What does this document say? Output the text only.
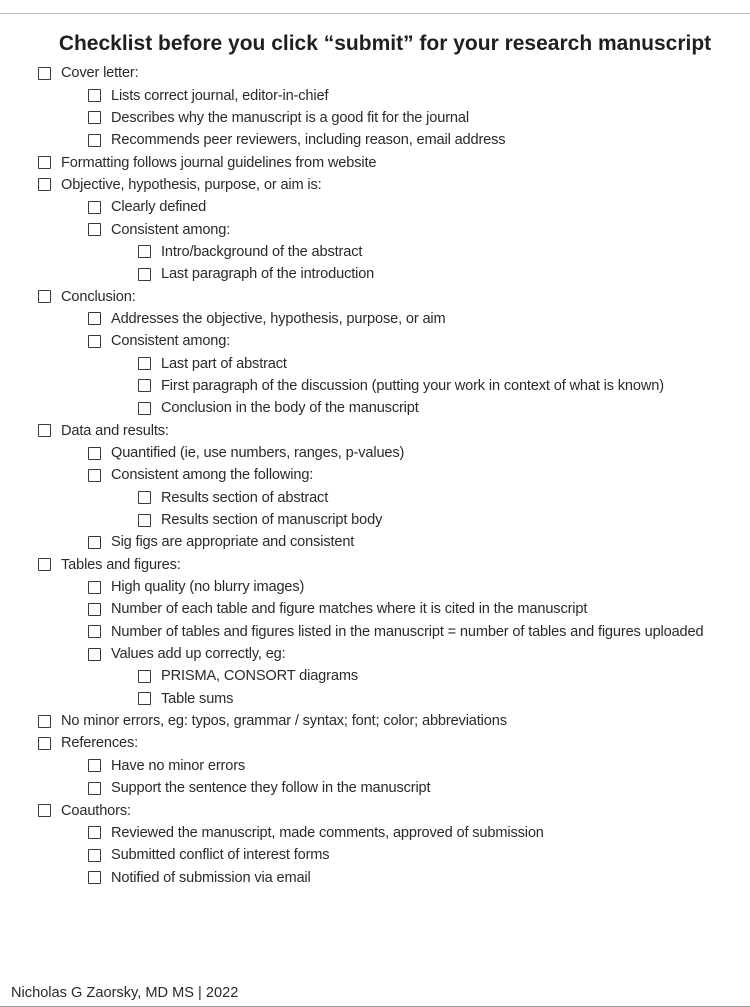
Checklist before you click “submit” for your research manuscript
Cover letter:
Lists correct journal, editor-in-chief
Describes why the manuscript is a good fit for the journal
Recommends peer reviewers, including reason, email address
Formatting follows journal guidelines from website
Objective, hypothesis, purpose, or aim is:
Clearly defined
Consistent among:
Intro/background of the abstract
Last paragraph of the introduction
Conclusion:
Addresses the objective, hypothesis, purpose, or aim
Consistent among:
Last part of abstract
First paragraph of the discussion (putting your work in context of what is known)
Conclusion in the body of the manuscript
Data and results:
Quantified (ie, use numbers, ranges, p-values)
Consistent among the following:
Results section of abstract
Results section of manuscript body
Sig figs are appropriate and consistent
Tables and figures:
High quality (no blurry images)
Number of each table and figure matches where it is cited in the manuscript
Number of tables and figures listed in the manuscript = number of tables and figures uploaded
Values add up correctly, eg:
PRISMA, CONSORT diagrams
Table sums
No minor errors, eg: typos, grammar / syntax; font; color; abbreviations
References:
Have no minor errors
Support the sentence they follow in the manuscript
Coauthors:
Reviewed the manuscript, made comments, approved of submission
Submitted conflict of interest forms
Notified of submission via email
Nicholas G Zaorsky, MD MS | 2022
